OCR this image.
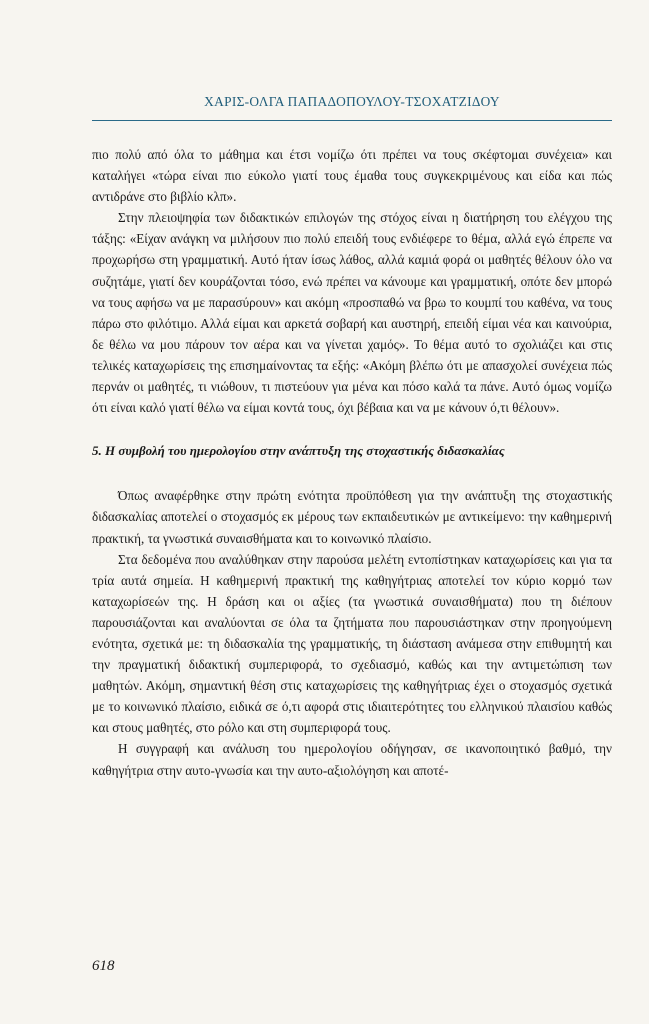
ΧΑΡΙΣ-ΟΛΓΑ ΠΑΠΑΔΟΠΟΥΛΟΥ-ΤΣΟΧΑΤΖΙΔΟΥ

πιο πολύ από όλα το μάθημα και έτσι νομίζω ότι πρέπει να τους σκέφτομαι συνέχεια» και καταλήγει «τώρα είναι πιο εύκολο γιατί τους έμαθα τους συγκεκριμένους και είδα και πώς αντιδράνε στο βιβλίο κλπ».

Στην πλειοψηφία των διδακτικών επιλογών της στόχος είναι η διατήρηση του ελέγχου της τάξης: «Είχαν ανάγκη να μιλήσουν πιο πολύ επειδή τους ενδιέφερε το θέμα, αλλά εγώ έπρεπε να προχωρήσω στη γραμματική. Αυτό ήταν ίσως λάθος, αλλά καμιά φορά οι μαθητές θέλουν όλο να συζητάμε, γιατί δεν κουράζονται τόσο, ενώ πρέπει να κάνουμε και γραμματική, οπότε δεν μπορώ να τους αφήσω να με παρασύρουν» και ακόμη «προσπαθώ να βρω το κουμπί του καθένα, να τους πάρω στο φιλότιμο. Αλλά είμαι και αρκετά σοβαρή και αυστηρή, επειδή είμαι νέα και καινούρια, δε θέλω να μου πάρουν τον αέρα και να γίνεται χαμός». Το θέμα αυτό το σχολιάζει και στις τελικές καταχωρίσεις της επισημαίνοντας τα εξής: «Ακόμη βλέπω ότι με απασχολεί συνέχεια πώς περνάν οι μαθητές, τι νιώθουν, τι πιστεύουν για μένα και πόσο καλά τα πάνε. Αυτό όμως νομίζω ότι είναι καλό γιατί θέλω να είμαι κοντά τους, όχι βέβαια και να με κάνουν ό,τι θέλουν».

5. Η συμβολή του ημερολογίου στην ανάπτυξη της στοχαστικής διδασκαλίας

Όπως αναφέρθηκε στην πρώτη ενότητα προϋπόθεση για την ανάπτυξη της στοχαστικής διδασκαλίας αποτελεί ο στοχασμός εκ μέρους των εκπαιδευτικών με αντικείμενο: την καθημερινή πρακτική, τα γνωστικά συναισθήματα και το κοινωνικό πλαίσιο.

Στα δεδομένα που αναλύθηκαν στην παρούσα μελέτη εντοπίστηκαν καταχωρίσεις και για τα τρία αυτά σημεία. Η καθημερινή πρακτική της καθηγήτριας αποτελεί τον κύριο κορμό των καταχωρίσεών της. Η δράση και οι αξίες (τα γνωστικά συναισθήματα) που τη διέπουν παρουσιάζονται και αναλύονται σε όλα τα ζητήματα που παρουσιάστηκαν στην προηγούμενη ενότητα, σχετικά με: τη διδασκαλία της γραμματικής, τη διάσταση ανάμεσα στην επιθυμητή και την πραγματική διδακτική συμπεριφορά, το σχεδιασμό, καθώς και την αντιμετώπιση των μαθητών. Ακόμη, σημαντική θέση στις καταχωρίσεις της καθηγήτριας έχει ο στοχασμός σχετικά με το κοινωνικό πλαίσιο, ειδικά σε ό,τι αφορά στις ιδιαιτερότητες του ελληνικού πλαισίου καθώς και στους μαθητές, στο ρόλο και στη συμπεριφορά τους.

Η συγγραφή και ανάλυση του ημερολογίου οδήγησαν, σε ικανοποιητικό βαθμό, την καθηγήτρια στην αυτο-γνωσία και την αυτο-αξιολόγηση και αποτέ-

618
